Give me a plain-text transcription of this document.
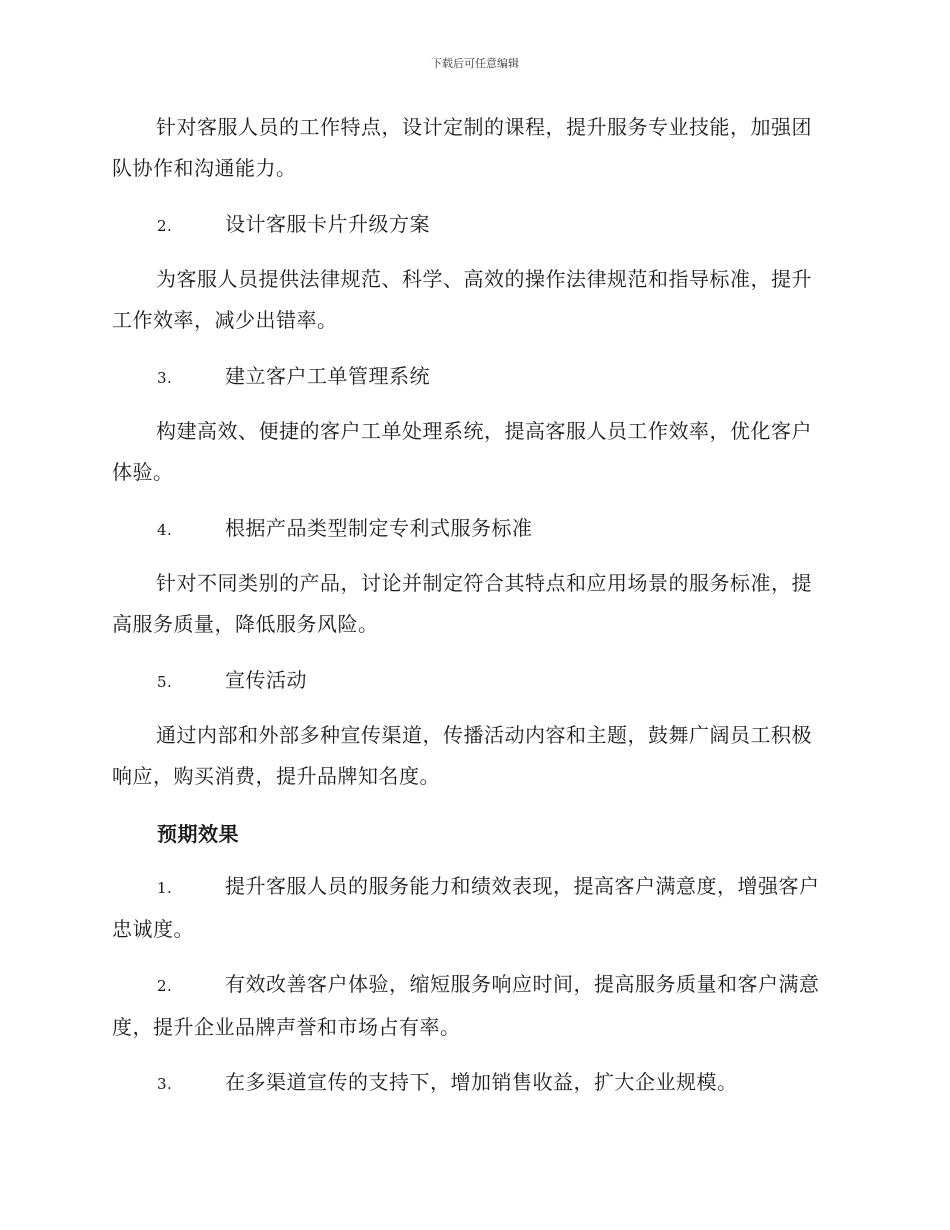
下载后可任意编辑
针对客服人员的工作特点，设计定制的课程，提升服务专业技能，加强团队协作和沟通能力。
2.	设计客服卡片升级方案
为客服人员提供法律规范、科学、高效的操作法律规范和指导标准，提升工作效率，减少出错率。
3.	建立客户工单管理系统
构建高效、便捷的客户工单处理系统，提高客服人员工作效率，优化客户体验。
4.	根据产品类型制定专利式服务标准
针对不同类别的产品，讨论并制定符合其特点和应用场景的服务标准，提高服务质量，降低服务风险。
5.	宣传活动
通过内部和外部多种宣传渠道，传播活动内容和主题，鼓舞广阔员工积极响应，购买消费，提升品牌知名度。
预期效果
1.	提升客服人员的服务能力和绩效表现，提高客户满意度，增强客户忠诚度。
2.	有效改善客户体验，缩短服务响应时间，提高服务质量和客户满意度，提升企业品牌声誉和市场占有率。
3.	在多渠道宣传的支持下，增加销售收益，扩大企业规模。
